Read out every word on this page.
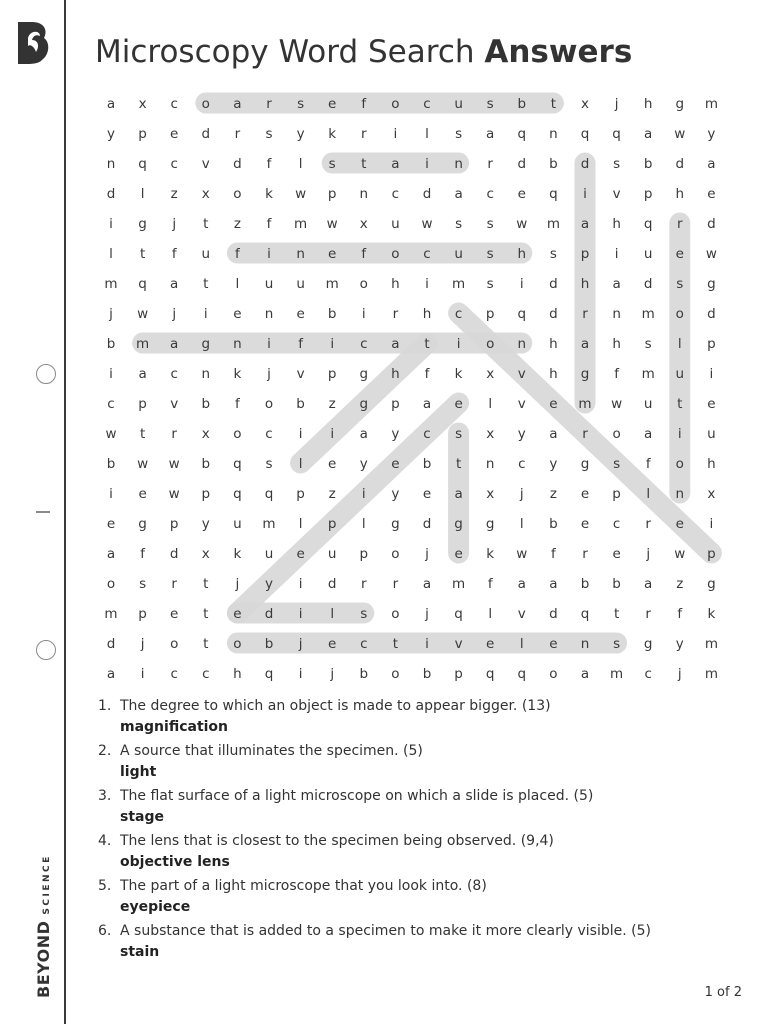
BEYONDSCIENCE
Microscopy Word Search Answers
a x c o a r s e f o c u s b t x j h g m
y p e d r s y k r i l s a q n q q a w y
n q c v d f l s t a i n r d b d s b d a
d l z x o k w p n c d a c e q i v p h e
i g j t z f m w x u w s s w m a h q r d
l t f u f i n e f o c u s h s p i u e w
m q a t l u u m o h i m s i d h a d s g
j w j i e n e b i r h c p q d r n m o d
b m a g n i f i c a t i o n h a h s l p
i a c n k j v p g h f k x v h g f m u i
c p v b f o b z g p a e l v e m w u t e
w t r x o c i i a y c s x y a r o a i u
b w w b q s l e y e b t n c y g s f o h
i e w p q q p z i y e a x j z e p l n x
e g p y u m l p l g d g g l b e c r e i
a f d x k u e u p o j e k w f r e j w p
o s r t j y i d r r a m f a a b b a z g
m p e t e d i l s o j q l v d q t r f k
d j o t o b j e c t i v e l e n s g y m
a i c c h q i j b o b p q q o a m c j m
1. The degree to which an object is made to appear bigger. (13)
magnification
2. A source that illuminates the specimen. (5)
light
3. The flat surface of a light microscope on which a slide is placed. (5)
stage
4. The lens that is closest to the specimen being observed. (9,4)
objective lens
5. The part of a light microscope that you look into. (8)
eyepiece
6. A substance that is added to a specimen to make it more clearly visible. (5)
stain
1 of 2
